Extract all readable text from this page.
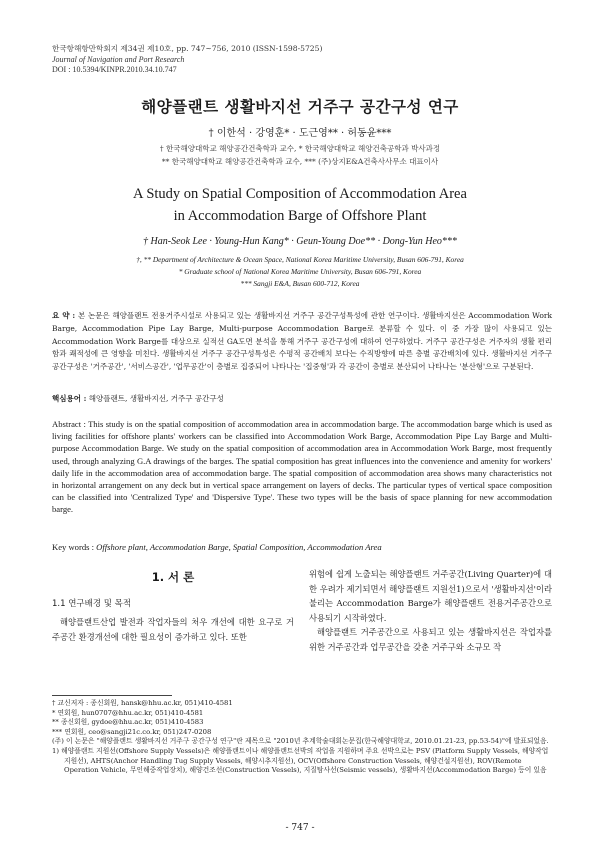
한국항해항만학회지 제34권 제10호, pp. 747~756, 2010 (ISSN-1598-5725)
Journal of Navigation and Port Research
DOI : 10.5394/KINPR.2010.34.10.747
해양플랜트 생활바지선 거주구 공간구성 연구
† 이한석 · 강영훈* · 도근영** · 허동윤***
† 한국해양대학교 해양공간건축학과 교수, * 한국해양대학교 해양건축공학과 박사과정
** 한국해양대학교 해양공간건축학과 교수, *** (주)상지E&A건축사사무소 대표이사
A Study on Spatial Composition of Accommodation Area
in Accommodation Barge of Offshore Plant
† Han-Seok Lee · Young-Hun Kang* · Geun-Young Doe** · Dong-Yun Heo***
†, ** Department of Architecture & Ocean Space, National Korea Maritime University, Busan 606-791, Korea
* Graduate school of National Korea Maritime University, Busan 606-791, Korea
*** Sangji E&A, Busan 600-712, Korea
요 약 : 본 논문은 해양플랜트 전용거주시설로 사용되고 있는 생활바지선 거주구 공간구성특성에 관한 연구이다. 생활바지선은 Accommodation Work Barge, Accommodation Pipe Lay Barge, Multi-purpose Accommodation Barge로 분류할 수 있다. 이 중 가장 많이 사용되고 있는 Accommodation Work Barge를 대상으로 실적선 GA도면 분석을 통해 거주구 공간구성에 대하여 연구하였다. 거주구 공간구성은 거주자의 생활 편리함과 쾌적성에 큰 영향을 미친다. 생활바지선 거주구 공간구성특성은 수평적 공간배치 보다는 수직방향에 따른 층별 공간배치에 있다. 생활바지선 거주구 공간구성은 '거주공간', '서비스공간', '업무공간'이 층별로 집중되어 나타나는 '집중형'과 각 공간이 층별로 분산되어 나타나는 '분산형'으로 구분된다.
핵심용어 : 해양플랜트, 생활바지선, 거주구 공간구성
Abstract : This study is on the spatial composition of accommodation area in accommodation barge. The accommodation barge which is used as living facilities for offshore plants' workers can be classified into Accommodation Work Barge, Accommodation Pipe Lay Barge and Multi-purpose Accommodation Barge. We study on the spatial composition of accommodation area in Accommodation Work Barge, most frequently used, through analyzing G.A drawings of the barges. The spatial composition has great influences into the convenience and amenity for workers' daily life in the accommodation area of accommodation barge. The spatial composition of accommodation area shows many characteristics not in horizontal arrangement on any deck but in vertical space arrangement on layers of decks. The particular types of vertical space composition can be classified into 'Centralized Type' and 'Dispersive Type'. These two types will be the basis of space planning for new accommodation barge.
Key words : Offshore plant, Accommodation Barge, Spatial Composition, Accommodation Area
1. 서 론
1.1 연구배경 및 목적
해양플랜트산업 발전과 작업자들의 처우 개선에 대한 요구로 거주공간 환경개선에 대한 필요성이 증가하고 있다. 또한
위험에 쉽게 노출되는 해양플랜트 거주공간(Living Quarter)에 대한 우려가 제기되면서 해양플랜트 지원선1)으로서 '생활바지선'이라 불리는 Accommodation Barge가 해양플랜트 전용거주공간으로 사용되기 시작하였다.
해양플랜트 거주공간으로 사용되고 있는 생활바지선은 작업자를 위한 거주공간과 업무공간을 갖춘 거주구와 소규모 작
† 교신저자 : 종신회원, hansk@hhu.ac.kr, 051)410-4581
* 연회원, hun0707@hhu.ac.kr, 051)410-4581
** 종신회원, gydoe@hhu.ac.kr, 051)410-4583
*** 연회원, ceo@sangji21c.co.kr, 051)247-0208
(주) 이 논문은 "해양플랜트 생활바지선 거주구 공간구성 연구"란 제목으로 "2010년 추계학술대회논문집(한국해양대학교, 2010.01.21-23, pp.53-54)"에 발표되었음.
1) 해양플랜트 지원선(Offshore Supply Vessels)은 해양플랜트이나 해양플랜트선박의 작업을 지원하며 주요 선박으로는 PSV (Platform Supply Vessels, 해양작업지원선), AHTS(Anchor Handling Tug Supply Vessels, 해양시추지원선), OCV(Offshore Construction Vessels, 해양건설지원선), ROV(Remote Operation Vehicle, 무인해중작업장치), 해양건조선(Construction Vessels), 지질탐사선(Seismic vessels), 생활바지선(Accommodation Barge) 등이 있음
- 747 -
